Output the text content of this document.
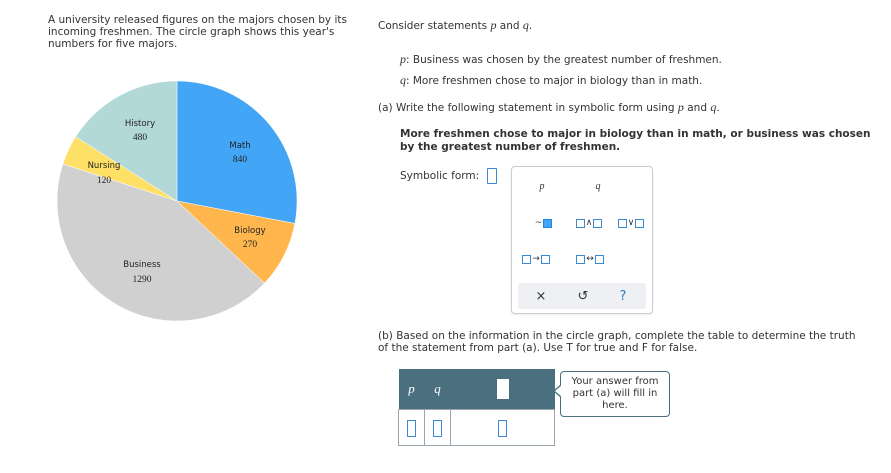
A university released figures on the majors chosen by its incoming freshmen. The circle graph shows this year's numbers for five majors.
Math
840
Biology
270
Business
1290
Nursing
120
History
480
Consider statements p and q.
p: Business was chosen by the greatest number of freshmen.
q: More freshmen chose to major in biology than in math.
(a) Write the following statement in symbolic form using p and q.
More freshmen chose to major in biology than in math, or business was chosen by the greatest number of freshmen.
Symbolic form:
(b) Based on the information in the circle graph, complete the table to determine the truth of the statement from part (a). Use T for true and F for false.
p	q
~	∧	∨
→	↔
× ↺ ?
p	q	
			Your answer from part (a) will fill in here.
